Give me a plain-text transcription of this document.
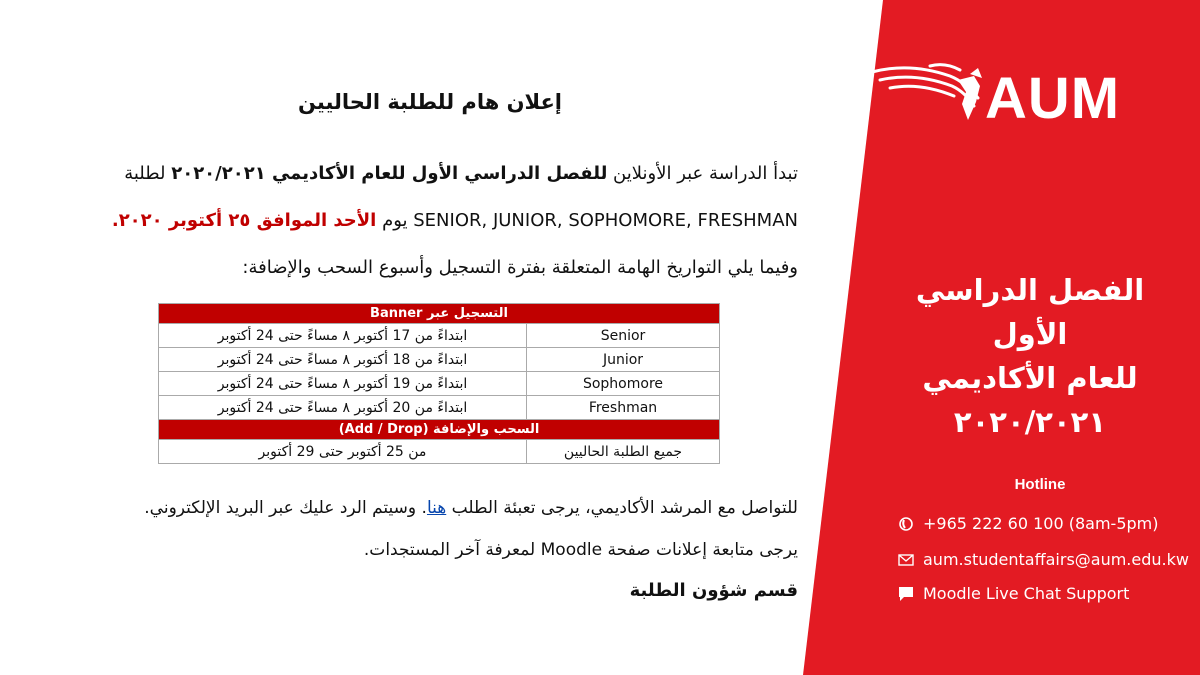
إعلان هام للطلبة الحاليين
تبدأ الدراسة عبر الأونلاين للفصل الدراسي الأول للعام الأكاديمي ٢٠٢٠/٢٠٢١ لطلبة
SENIOR, JUNIOR, SOPHOMORE, FRESHMAN يوم الأحد الموافق ٢٥ أكتوبر ٢٠٢٠.
وفيما يلي التواريخ الهامة المتعلقة بفترة التسجيل وأسبوع السحب والإضافة:
التسجيل عبر Banner	
Senior	ابتداءً من 17 أكتوبر ٨ مساءً حتى 24 أكتوبر
Junior	ابتداءً من 18 أكتوبر ٨ مساءً حتى 24 أكتوبر
Sophomore	ابتداءً من 19 أكتوبر ٨ مساءً حتى 24 أكتوبر
Freshman	ابتداءً من 20 أكتوبر ٨ مساءً حتى 24 أكتوبر
السحب والإضافة (Add / Drop)	
جميع الطلبة الحاليين	من 25 أكتوبر حتى 29 أكتوبر
للتواصل مع المرشد الأكاديمي، يرجى تعبئة الطلب هنا. وسيتم الرد عليك عبر البريد الإلكتروني.
يرجى متابعة إعلانات صفحة Moodle لمعرفة آخر المستجدات.
قسم شؤون الطلبة
AUM
الفصل الدراسي الأول
للعام الأكاديمي
٢٠٢٠/٢٠٢١
Hotline
+965 222 60 100 (8am-5pm)
aum.studentaffairs@aum.edu.kw
Moodle Live Chat Support
